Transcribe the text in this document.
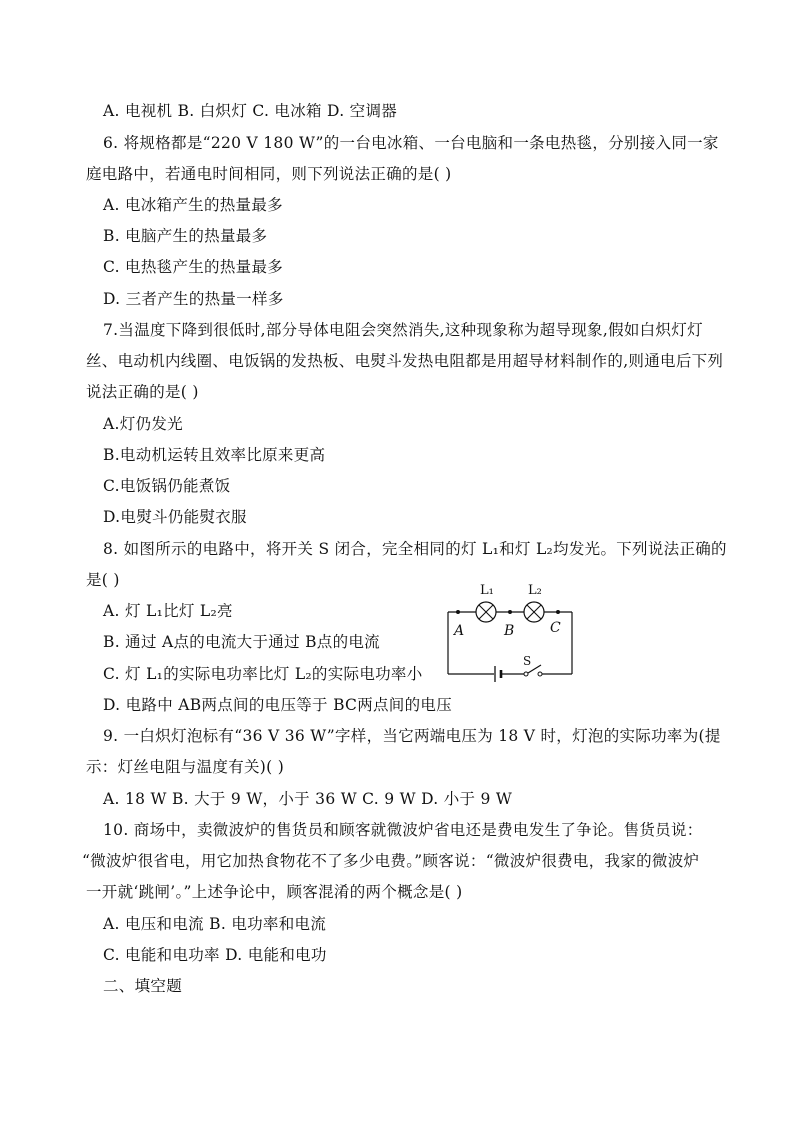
A. 电视机 B. 白炽灯 C. 电冰箱 D. 空调器
6. 将规格都是“220 V 180 W”的一台电冰箱、一台电脑和一条电热毯，分别接入同一家
庭电路中，若通电时间相同，则下列说法正确的是( )
A. 电冰箱产生的热量最多
B. 电脑产生的热量最多
C. 电热毯产生的热量最多
D. 三者产生的热量一样多
7.当温度下降到很低时,部分导体电阻会突然消失,这种现象称为超导现象,假如白炽灯灯
丝、电动机内线圈、电饭锅的发热板、电熨斗发热电阻都是用超导材料制作的,则通电后下列
说法正确的是( )
A.灯仍发光
B.电动机运转且效率比原来更高
C.电饭锅仍能煮饭
D.电熨斗仍能熨衣服
8. 如图所示的电路中，将开关 S 闭合，完全相同的灯 L₁和灯 L₂均发光。下列说法正确的
是( )
A. 灯 L₁比灯 L₂亮
B. 通过 A点的电流大于通过 B点的电流
C. 灯 L₁的实际电功率比灯 L₂的实际电功率小
D. 电路中 AB两点间的电压等于 BC两点间的电压
9. 一白炽灯泡标有“36 V 36 W”字样，当它两端电压为 18 V 时，灯泡的实际功率为(提
示：灯丝电阻与温度有关)( )
A. 18 W B. 大于 9 W，小于 36 W C. 9 W D. 小于 9 W
10. 商场中，卖微波炉的售货员和顾客就微波炉省电还是费电发生了争论。售货员说：
“微波炉很省电，用它加热食物花不了多少电费。”顾客说：“微波炉很费电，我家的微波炉
一开就‘跳闸’。”上述争论中，顾客混淆的两个概念是( )
A. 电压和电流 B. 电功率和电流
C. 电能和电功率 D. 电能和电功
二、填空题
L₁	L₂
A	B	C
S
